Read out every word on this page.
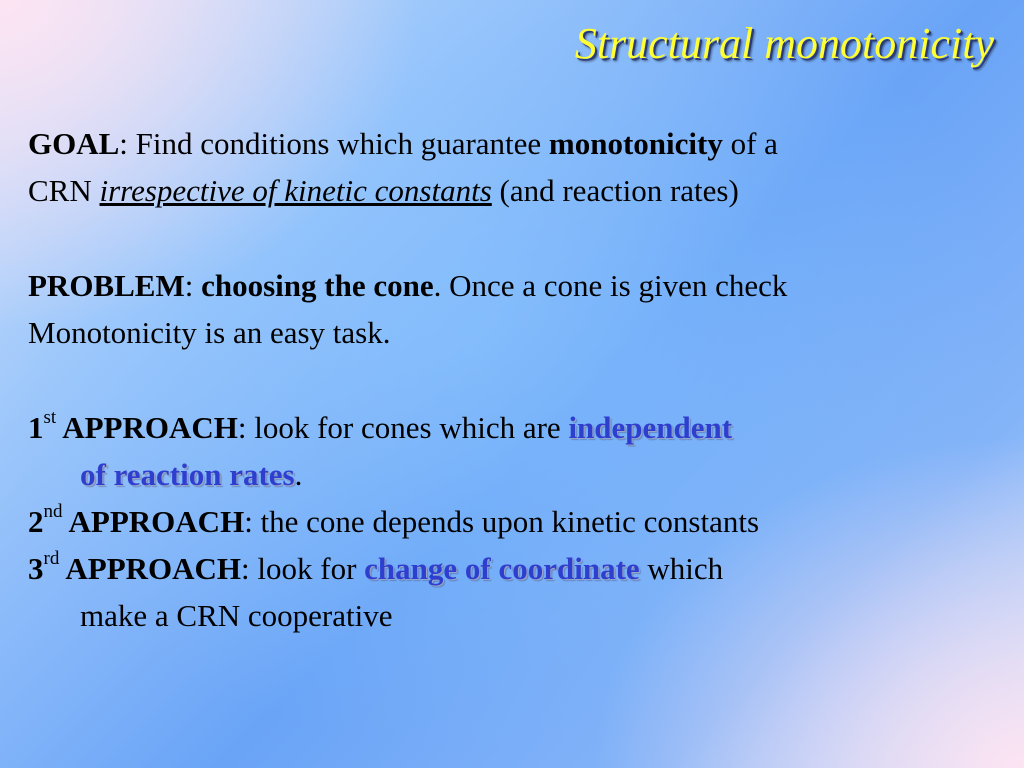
Structural monotonicity
GOAL: Find conditions which guarantee monotonicity of a
CRN irrespective of kinetic constants (and reaction rates)
PROBLEM: choosing the cone. Once a cone is given check
Monotonicity is an easy task.
1st APPROACH: look for cones which are independent
of reaction rates.
2nd APPROACH: the cone depends upon kinetic constants
3rd APPROACH: look for change of coordinate which
make a CRN cooperative
